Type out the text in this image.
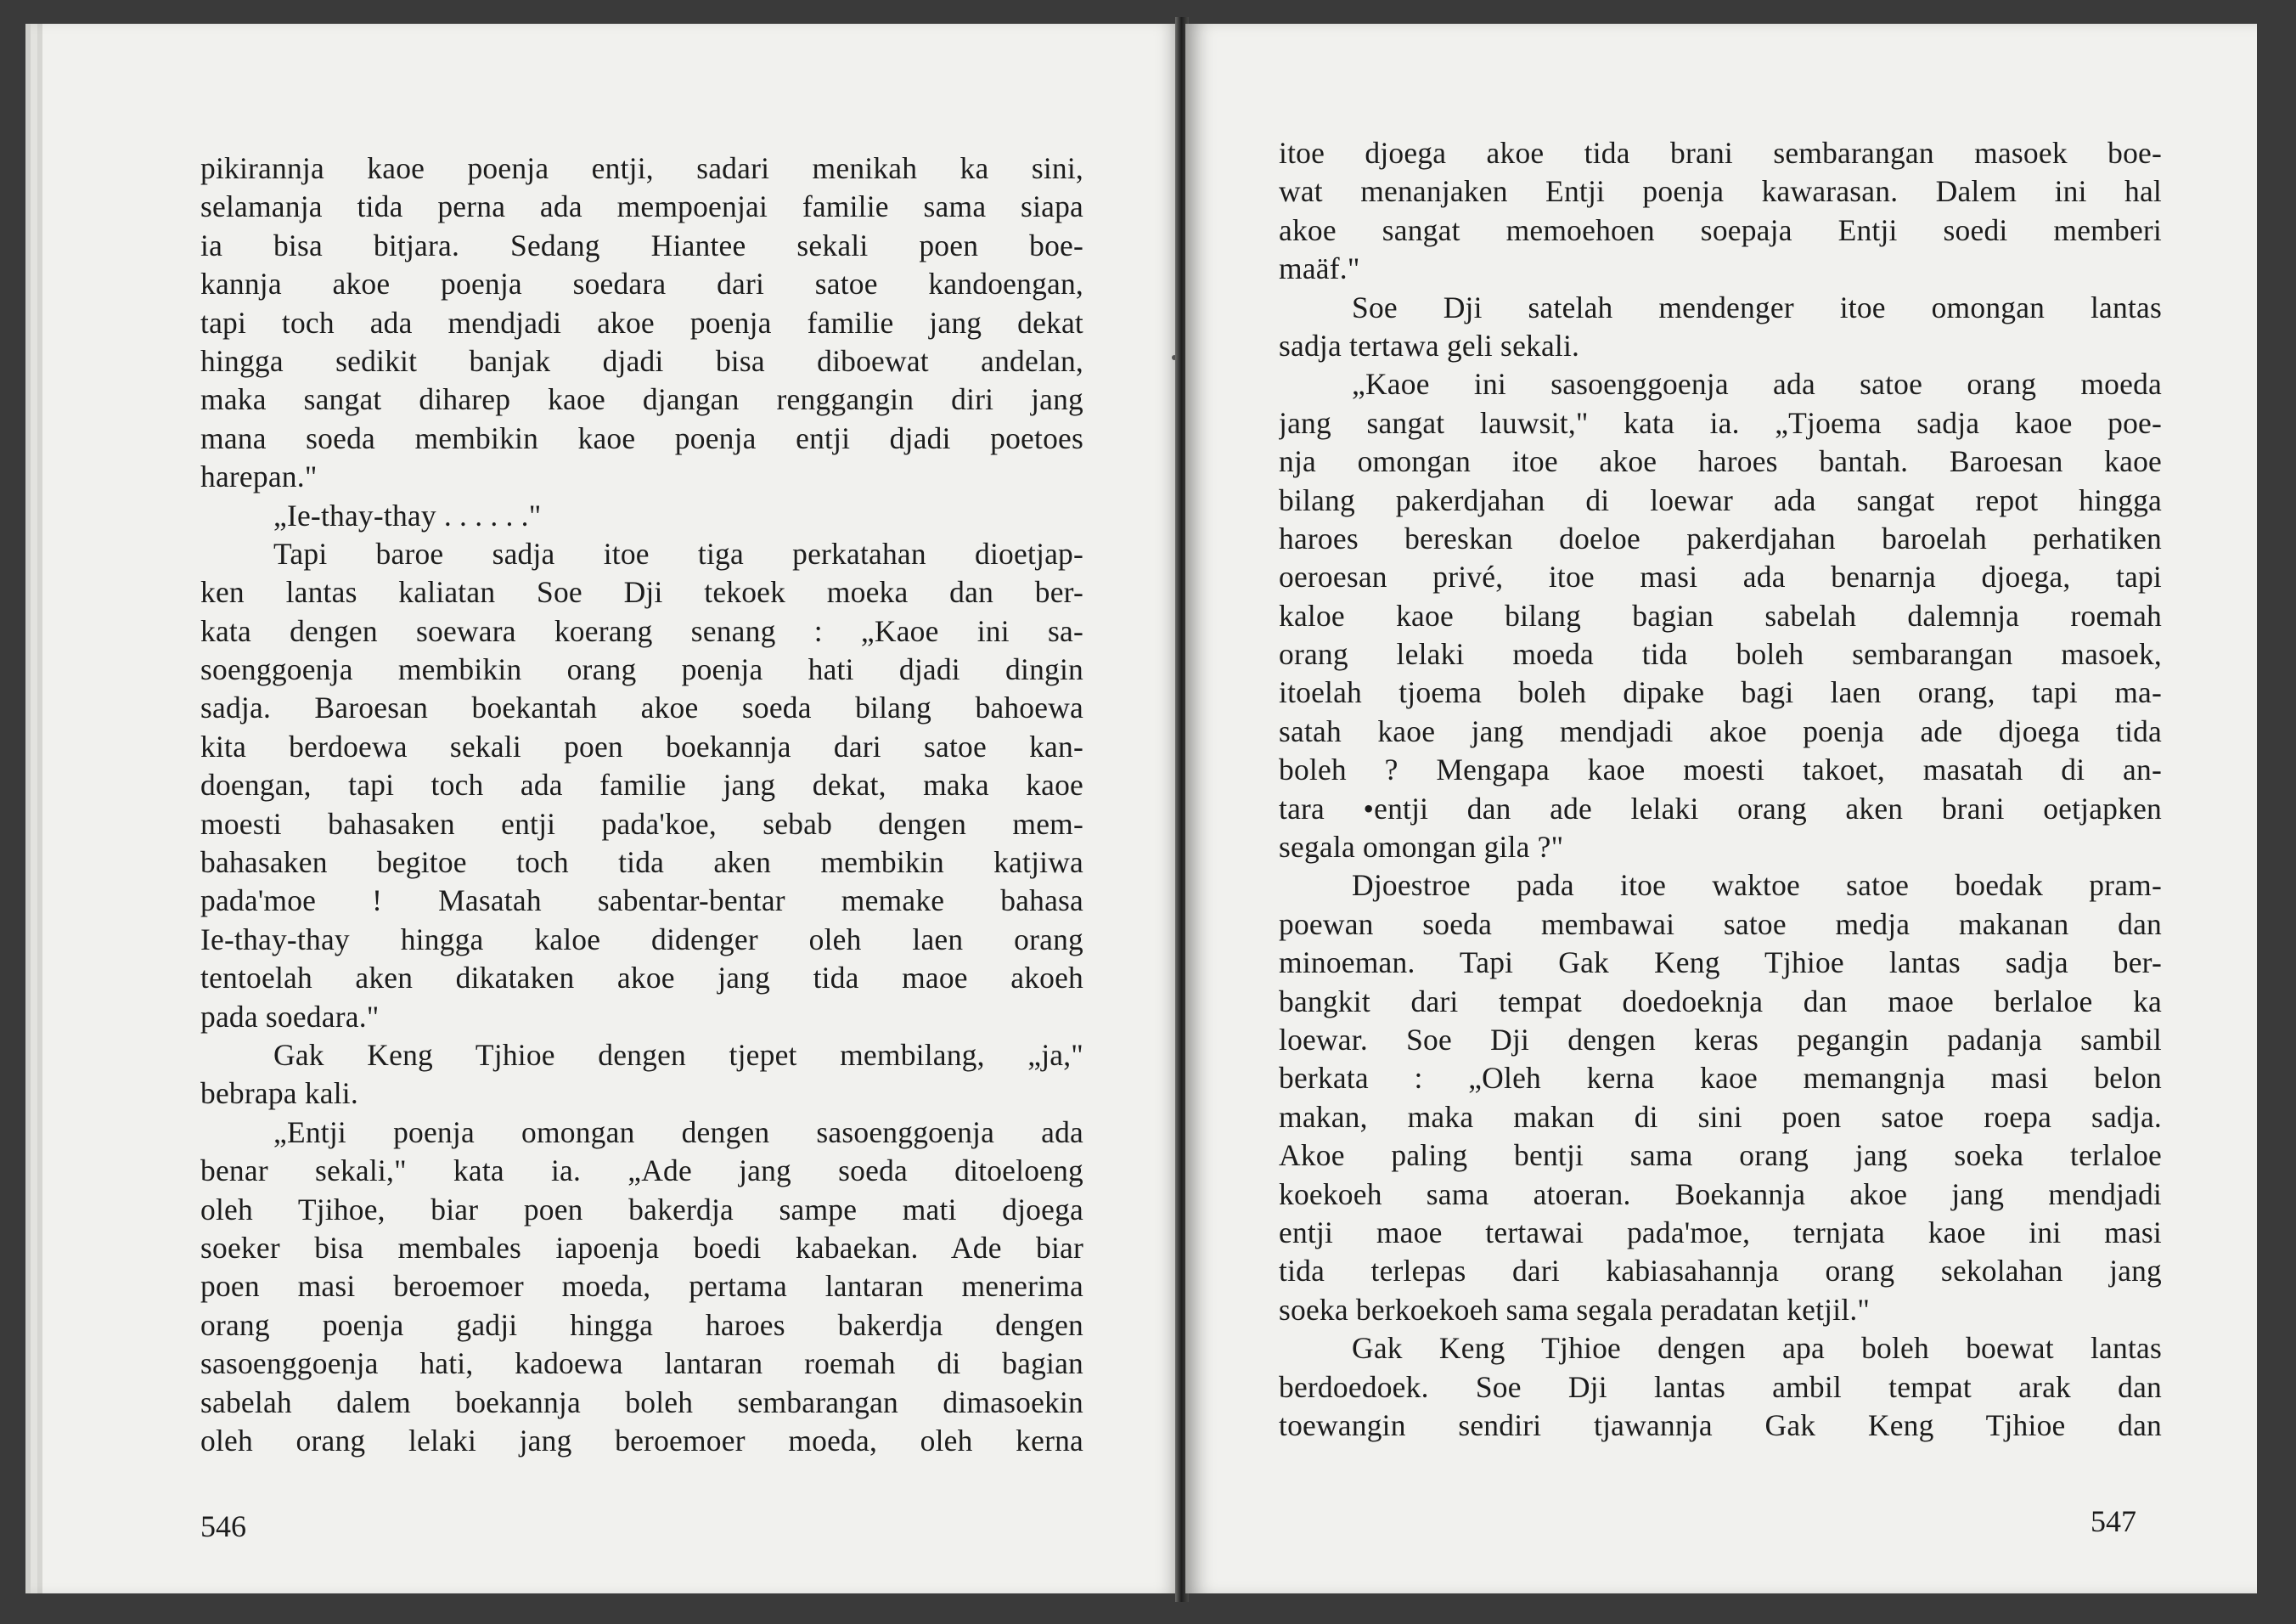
pikirannja kaoe poenja entji, sadari menikah ka sini,
selamanja tida perna ada mempoenjai familie sama siapa
ia bisa bitjara. Sedang Hiantee sekali poen boe-
kannja akoe poenja soedara dari satoe kandoengan,
tapi toch ada mendjadi akoe poenja familie jang dekat
hingga sedikit banjak djadi bisa diboewat andelan,
maka sangat diharep kaoe djangan renggangin diri jang
mana soeda membikin kaoe poenja entji djadi poetoes
harepan."
„Ie-thay-thay . . . . . ."
Tapi baroe sadja itoe tiga perkatahan dioetjap-
ken lantas kaliatan Soe Dji tekoek moeka dan ber-
kata dengen soewara koerang senang : „Kaoe ini sa-
soenggoenja membikin orang poenja hati djadi dingin
sadja. Baroesan boekantah akoe soeda bilang bahoewa
kita berdoewa sekali poen boekannja dari satoe kan-
doengan, tapi toch ada familie jang dekat, maka kaoe
moesti bahasaken entji pada'koe, sebab dengen mem-
bahasaken begitoe toch tida aken membikin katjiwa
pada'moe ! Masatah sabentar-bentar memake bahasa
Ie-thay-thay hingga kaloe didenger oleh laen orang
tentoelah aken dikataken akoe jang tida maoe akoeh
pada soedara."
Gak Keng Tjhioe dengen tjepet membilang, „ja,"
bebrapa kali.
„Entji poenja omongan dengen sasoenggoenja ada
benar sekali," kata ia. „Ade jang soeda ditoeloeng
oleh Tjihoe, biar poen bakerdja sampe mati djoega
soeker bisa membales iapoenja boedi kabaekan. Ade biar
poen masi beroemoer moeda, pertama lantaran menerima
orang poenja gadji hingga haroes bakerdja dengen
sasoenggoenja hati, kadoewa lantaran roemah di bagian
sabelah dalem boekannja boleh sembarangan dimasoekin
oleh orang lelaki jang beroemoer moeda, oleh kerna
546
itoe djoega akoe tida brani sembarangan masoek boe-
wat menanjaken Entji poenja kawarasan. Dalem ini hal
akoe sangat memoehoen soepaja Entji soedi memberi
maäf."
Soe Dji satelah mendenger itoe omongan lantas
sadja tertawa geli sekali.
„Kaoe ini sasoenggoenja ada satoe orang moeda
jang sangat lauwsit," kata ia. „Tjoema sadja kaoe poe-
nja omongan itoe akoe haroes bantah. Baroesan kaoe
bilang pakerdjahan di loewar ada sangat repot hingga
haroes bereskan doeloe pakerdjahan baroelah perhatiken
oeroesan privé, itoe masi ada benarnja djoega, tapi
kaloe kaoe bilang bagian sabelah dalemnja roemah
orang lelaki moeda tida boleh sembarangan masoek,
itoelah tjoema boleh dipake bagi laen orang, tapi ma-
satah kaoe jang mendjadi akoe poenja ade djoega tida
boleh ? Mengapa kaoe moesti takoet, masatah di an-
tara •entji dan ade lelaki orang aken brani oetjapken
segala omongan gila ?"
Djoestroe pada itoe waktoe satoe boedak pram-
poewan soeda membawai satoe medja makanan dan
minoeman. Tapi Gak Keng Tjhioe lantas sadja ber-
bangkit dari tempat doedoeknja dan maoe berlaloe ka
loewar. Soe Dji dengen keras pegangin padanja sambil
berkata : „Oleh kerna kaoe memangnja masi belon
makan, maka makan di sini poen satoe roepa sadja.
Akoe paling bentji sama orang jang soeka terlaloe
koekoeh sama atoeran. Boekannja akoe jang mendjadi
entji maoe tertawai pada'moe, ternjata kaoe ini masi
tida terlepas dari kabiasahannja orang sekolahan jang
soeka berkoekoeh sama segala peradatan ketjil."
Gak Keng Tjhioe dengen apa boleh boewat lantas
berdoedoek. Soe Dji lantas ambil tempat arak dan
toewangin sendiri tjawannja Gak Keng Tjhioe dan
547
